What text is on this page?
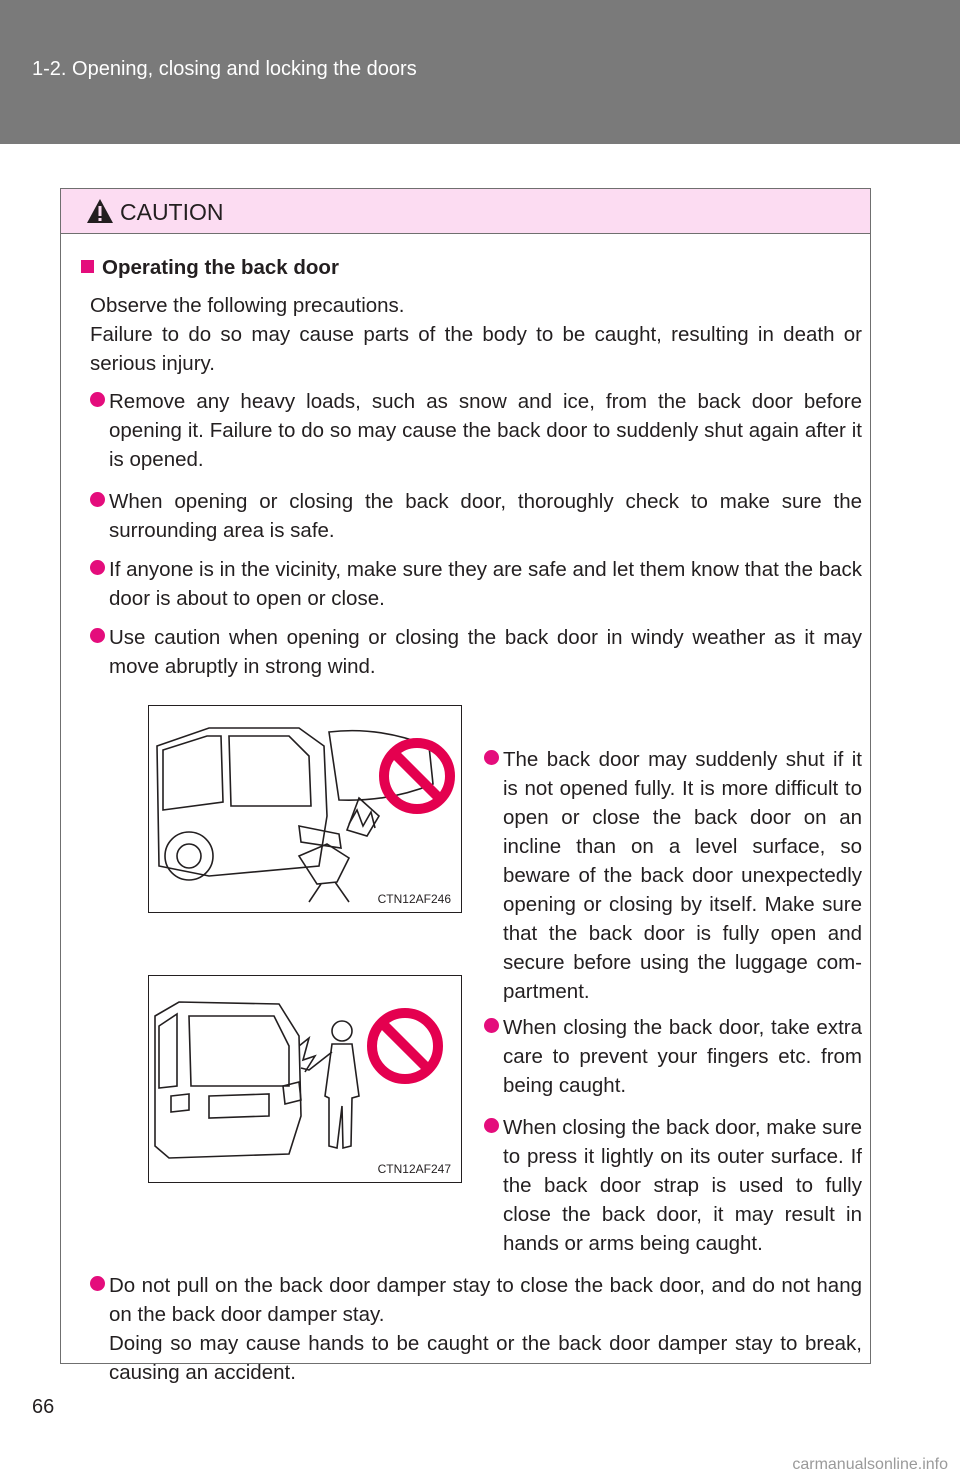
1-2. Opening, closing and locking the doors
CAUTION
Operating the back door
Observe the following precautions.
Failure to do so may cause parts of the body to be caught, resulting in death or serious injury.
Remove any heavy loads, such as snow and ice, from the back door before opening it. Failure to do so may cause the back door to suddenly shut again after it is opened.
When opening or closing the back door, thoroughly check to make sure the surrounding area is safe.
If anyone is in the vicinity, make sure they are safe and let them know that the back door is about to open or close.
Use caution when opening or closing the back door in windy weather as it may move abruptly in strong wind.
CTN12AF246
The back door may suddenly shut if it is not opened fully. It is more difficult to open or close the back door on an incline than on a level surface, so beware of the back door unexpectedly opening or closing by itself. Make sure that the back door is fully open and secure before using the luggage com-partment.
CTN12AF247
When closing the back door, take extra care to prevent your fingers etc. from being caught.
When closing the back door, make sure to press it lightly on its outer surface. If the back door strap is used to fully close the back door, it may result in hands or arms being caught.
Do not pull on the back door damper stay to close the back door, and do not hang on the back door damper stay.
Doing so may cause hands to be caught or the back door damper stay to break, causing an accident.
66
carmanualsonline.info
